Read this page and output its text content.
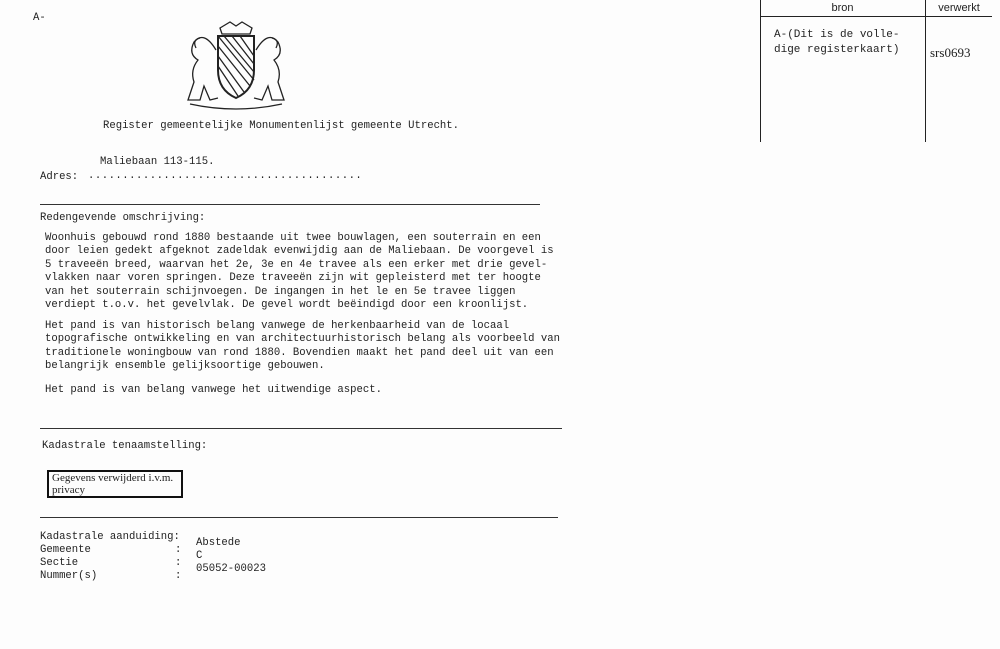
A-
bron	verwerkt
A-(Dit is de volle-
dige registerkaart) srs0693
Register gemeentelijke Monumentenlijst gemeente Utrecht.
Maliebaan 113-115.
Adres: ........................................
Redengevende omschrijving:
Woonhuis gebouwd rond 1880 bestaande uit twee bouwlagen, een souterrain en een
door leien gedekt afgeknot zadeldak evenwijdig aan de Maliebaan. De voorgevel is
5 traveeën breed, waarvan het 2e, 3e en 4e travee als een erker met drie gevel-
vlakken naar voren springen. Deze traveeën zijn wit gepleisterd met ter hoogte
van het souterrain schijnvoegen. De ingangen in het le en 5e travee liggen
verdiept t.o.v. het gevelvlak. De gevel wordt beëindigd door een kroonlijst.
Het pand is van historisch belang vanwege de herkenbaarheid van de locaal
topografische ontwikkeling en van architectuurhistorisch belang als voorbeeld van
traditionele woningbouw van rond 1880. Bovendien maakt het pand deel uit van een
belangrijk ensemble gelijksoortige gebouwen.
Het pand is van belang vanwege het uitwendige aspect.
Kadastrale tenaamstelling:
Gegevens verwijderd i.v.m.
privacy
Kadastrale aanduiding:
Gemeente	:
Abstede
Sectie	:
C
Nummer(s)	:
05052-00023
